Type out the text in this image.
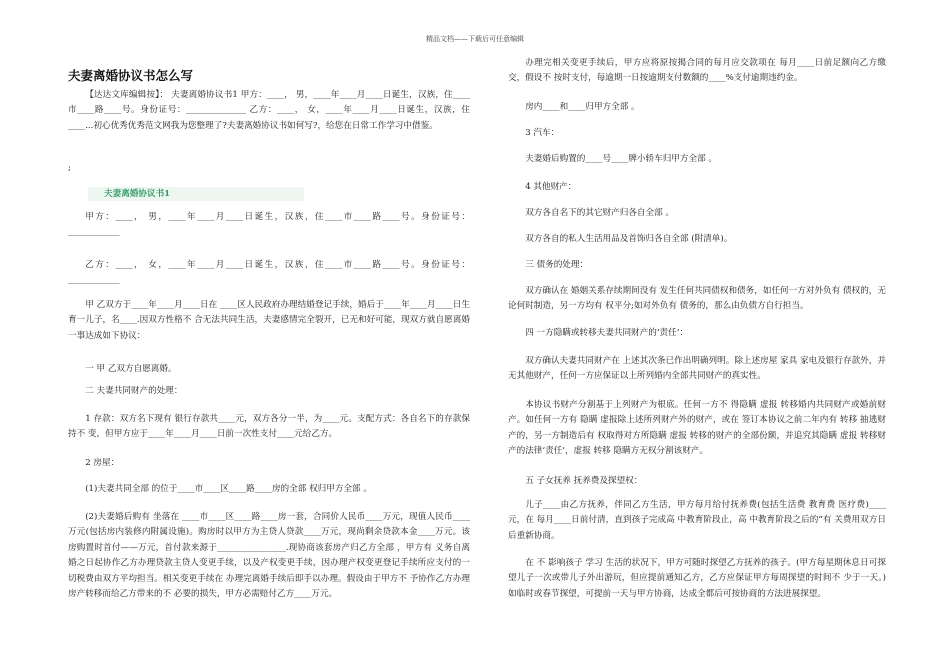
精品文档——下载后可任意编辑
夫妻离婚协议书怎么写

【达达文库编辑按】： 夫妻离婚协议书1 甲方：____， 男，____年____月____日诞生，汉族，住____市____路____号。身份证号：______________ 乙方：____， 女，____年____月____日诞生，汉族，住____...初心优秀优秀范文网我为您整理了?夫妻离婚协议书如何写?，给您在日常工作学习中借鉴。

甲方：____， 男，____年____月____日诞生，汉族，住____市____路____号。身份证号：____________

乙方：____， 女，____年____月____日诞生，汉族，住____市____路____号。身份证号：____________

甲 乙双方于____年____月____日在 ____区人民政府办理结婚登记手续，婚后于____年____月____日生育一儿子，名____.因双方性格不 合无法共同生活，夫妻感情完全裂开，已无和好可能，现双方就自愿离婚一事达成如下协议：

一 甲 乙双方自愿离婚。

二 夫妻共同财产的处理：

1 存款：双方名下现有 银行存款共____元，双方各分一半，为____元。支配方式：各自名下的存款保持不 变，但甲方应于____年____月____日前一次性支付____元给乙方。

2 房屋：

(1)夫妻共同全部 的位于____市____区____路____房的全部 权归甲方全部 。

(2)夫妻婚后购有 坐落在 ____市____区____路____房一套，合同价人民币____万元，现值人民币____万元(包括房内装修内附属设施)。购房时以甲方为主贷人贷款____万元，现尚剩余贷款本金____万元。该房购置时首付——万元，首付款来源于________________.现协商该套房产归乙方全部 ，甲方有 义务自离婚之日起协作乙方办理贷款主贷人变更手续，以及产权变更手续，因办理产权变更登记手续所应支付的一切税费由双方平均担当。相关变更手续在 办理完离婚手续后即手以办理。假设由于甲方不 予协作乙方办理房产转移而给乙方带来的不 必要的损失，甲方必需赔付乙方____万元。

;
夫妻离婚协议书1

办理完相关变更手续后，甲方应将原按揭合同的每月应交款项在 每月____日前足额向乙方缴交，假设不 按时支付，每逾期一日按逾期支付数额的____%支付逾期违约金。

房内____和____归甲方全部 。

3 汽车：

夫妻婚后购置的____号____牌小轿车归甲方全部 。

4 其他财产：

双方各自名下的其它财产归各自全部 。

双方各自的私人生活用品及首饰归各自全部 (附清单)。

三 债务的处理：

双方确认在 婚姻关系存续期间没有 发生任何共同债权和债务，如任何一方对外负有 债权的，无论何时制造，另一方均有 权平分;如对外负有 债务的，那么由负债方自行担当。

四 一方隐瞒或转移夫妻共同财产的‘责任’：

双方确认夫妻共同财产在 上述其次条已作出明确列明。除上述房屋 家具 家电及银行存款外，并无其他财产，任何一方应保证以上所列婚内全部共同财产的真实性。

本协议书财产分割基于上列财产为根底。任何一方不 得隐瞒 虚报 转移婚内共同财产或婚前财产。如任何一方有 隐瞒 虚报除上述所列财产外的财产，或在 签订本协议之前二年内有 转移 抽逃财产的，另一方制造后有 权取得对方所隐瞒 虚报 转移的财产的全部份额，并追究其隐瞒 虚报 转移财产的法律‘责任’，虚报 转移 隐瞒方无权分割该财产。

五 子女抚养 抚养费及探望权：

儿子____由乙方抚养，伴同乙方生活，甲方每月给付抚养费(包括生活费 教育费 医疗费)____元，在 每月____日前付清，直到孩子完成高 中教育阶段止，高 中教育阶段之后的“有 关费用双方日后重新协商。

在 不 影响孩子 学习 生活的状况下，甲方可随时探望乙方抚养的孩子。(甲方每星期休息日可探望儿子一次或带儿子外出游玩，但应提前通知乙方，乙方应保证甲方每周探望的时间不 少于一天。)如临时或春节探望，可提前一天与甲方协商，达成全都后可按协商的方法进展探望。
